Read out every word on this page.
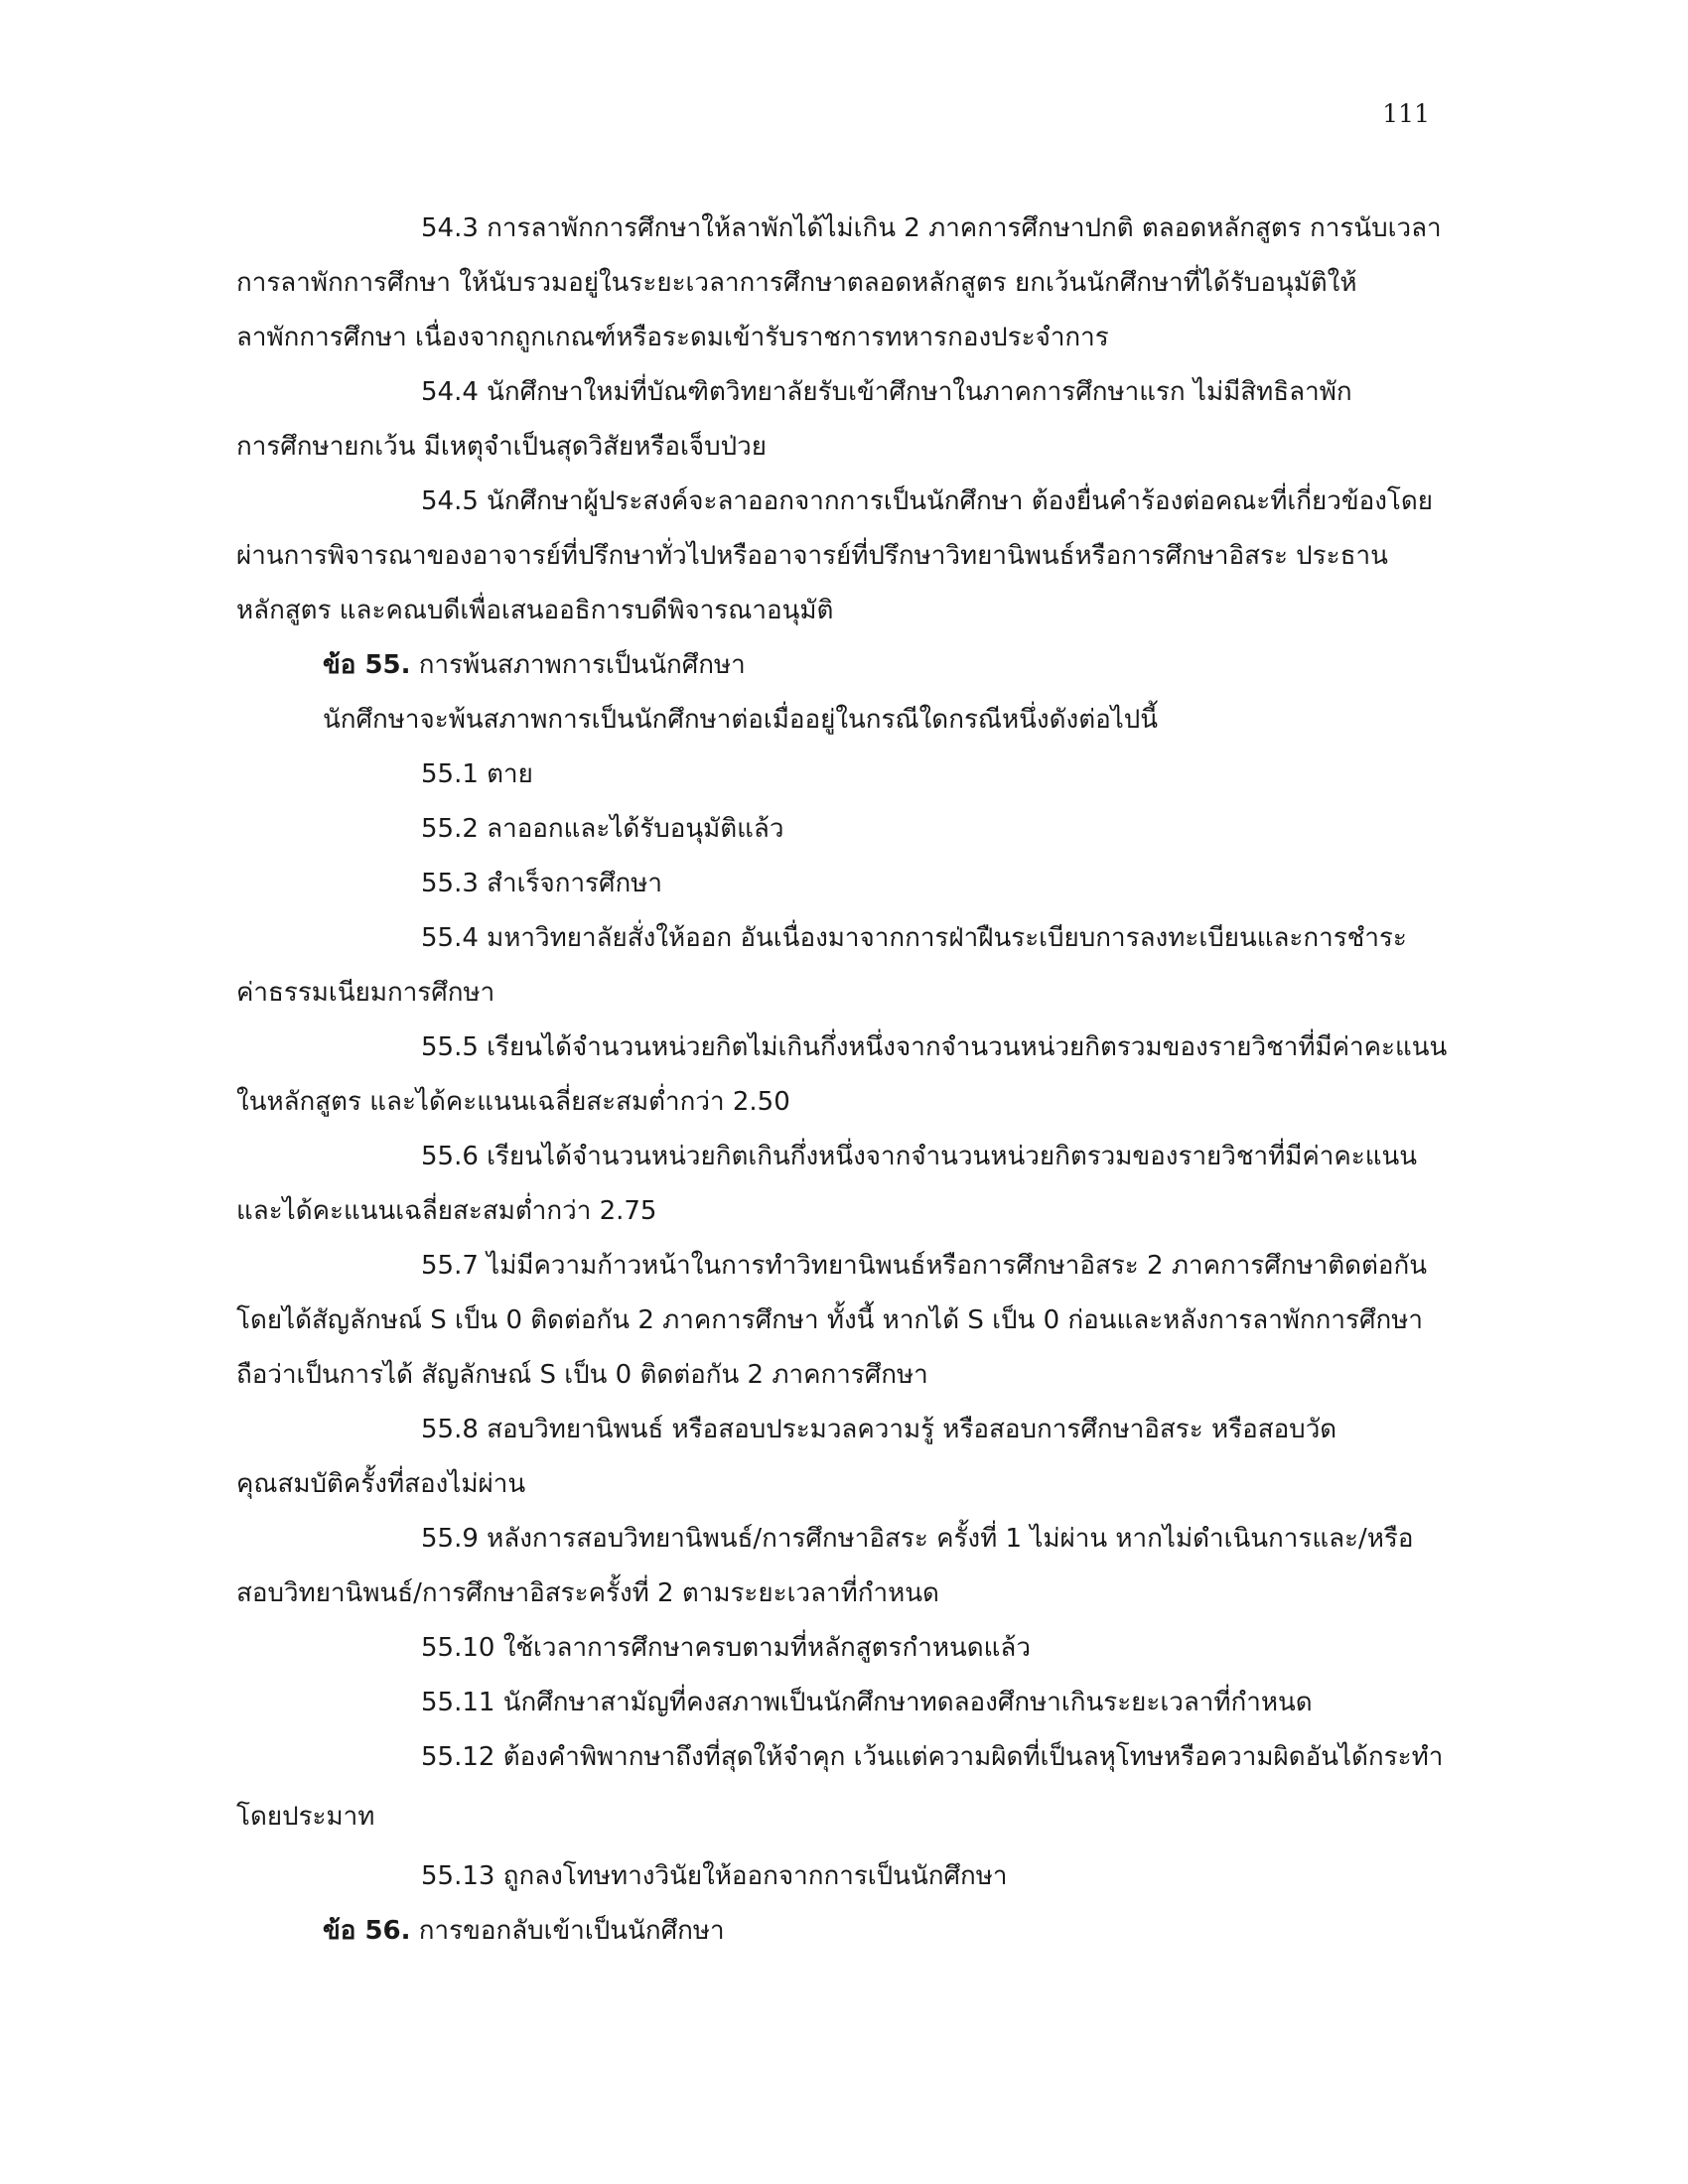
111

54.3 การลาพักการศึกษาให้ลาพักได้ไม่เกิน 2 ภาคการศึกษาปกติ ตลอดหลักสูตร การนับเวลา

การลาพักการศึกษา ให้นับรวมอยู่ในระยะเวลาการศึกษาตลอดหลักสูตร ยกเว้นนักศึกษาที่ได้รับอนุมัติให้

ลาพักการศึกษา เนื่องจากถูกเกณฑ์หรือระดมเข้ารับราชการทหารกองประจำการ

54.4 นักศึกษาใหม่ที่บัณฑิตวิทยาลัยรับเข้าศึกษาในภาคการศึกษาแรก ไม่มีสิทธิลาพัก

การศึกษายกเว้น มีเหตุจำเป็นสุดวิสัยหรือเจ็บป่วย

54.5 นักศึกษาผู้ประสงค์จะลาออกจากการเป็นนักศึกษา ต้องยื่นคำร้องต่อคณะที่เกี่ยวข้องโดย

ผ่านการพิจารณาของอาจารย์ที่ปรึกษาทั่วไปหรืออาจารย์ที่ปรึกษาวิทยานิพนธ์หรือการศึกษาอิสระ ประธาน

หลักสูตร และคณบดีเพื่อเสนออธิการบดีพิจารณาอนุมัติ

ข้อ 55. การพ้นสภาพการเป็นนักศึกษา

นักศึกษาจะพ้นสภาพการเป็นนักศึกษาต่อเมื่ออยู่ในกรณีใดกรณีหนึ่งดังต่อไปนี้

55.1 ตาย

55.2 ลาออกและได้รับอนุมัติแล้ว

55.3 สำเร็จการศึกษา

55.4 มหาวิทยาลัยสั่งให้ออก อันเนื่องมาจากการฝ่าฝืนระเบียบการลงทะเบียนและการชำระ

ค่าธรรมเนียมการศึกษา

55.5 เรียนได้จำนวนหน่วยกิตไม่เกินกึ่งหนึ่งจากจำนวนหน่วยกิตรวมของรายวิชาที่มีค่าคะแนน

ในหลักสูตร และได้คะแนนเฉลี่ยสะสมต่ำกว่า 2.50

55.6 เรียนได้จำนวนหน่วยกิตเกินกึ่งหนึ่งจากจำนวนหน่วยกิตรวมของรายวิชาที่มีค่าคะแนน

และได้คะแนนเฉลี่ยสะสมต่ำกว่า 2.75

55.7 ไม่มีความก้าวหน้าในการทำวิทยานิพนธ์หรือการศึกษาอิสระ 2 ภาคการศึกษาติดต่อกัน

โดยได้สัญลักษณ์ S เป็น 0 ติดต่อกัน 2 ภาคการศึกษา ทั้งนี้ หากได้ S เป็น 0 ก่อนและหลังการลาพักการศึกษา

ถือว่าเป็นการได้ สัญลักษณ์ S เป็น 0 ติดต่อกัน 2 ภาคการศึกษา

55.8 สอบวิทยานิพนธ์ หรือสอบประมวลความรู้ หรือสอบการศึกษาอิสระ หรือสอบวัด

คุณสมบัติครั้งที่สองไม่ผ่าน

55.9 หลังการสอบวิทยานิพนธ์/การศึกษาอิสระ ครั้งที่ 1 ไม่ผ่าน หากไม่ดำเนินการและ/หรือ

สอบวิทยานิพนธ์/การศึกษาอิสระครั้งที่ 2 ตามระยะเวลาที่กำหนด

55.10 ใช้เวลาการศึกษาครบตามที่หลักสูตรกำหนดแล้ว

55.11 นักศึกษาสามัญที่คงสภาพเป็นนักศึกษาทดลองศึกษาเกินระยะเวลาที่กำหนด

55.12 ต้องคำพิพากษาถึงที่สุดให้จำคุก เว้นแต่ความผิดที่เป็นลหุโทษหรือความผิดอันได้กระทำ

โดยประมาท

55.13 ถูกลงโทษทางวินัยให้ออกจากการเป็นนักศึกษา

ข้อ 56. การขอกลับเข้าเป็นนักศึกษา
